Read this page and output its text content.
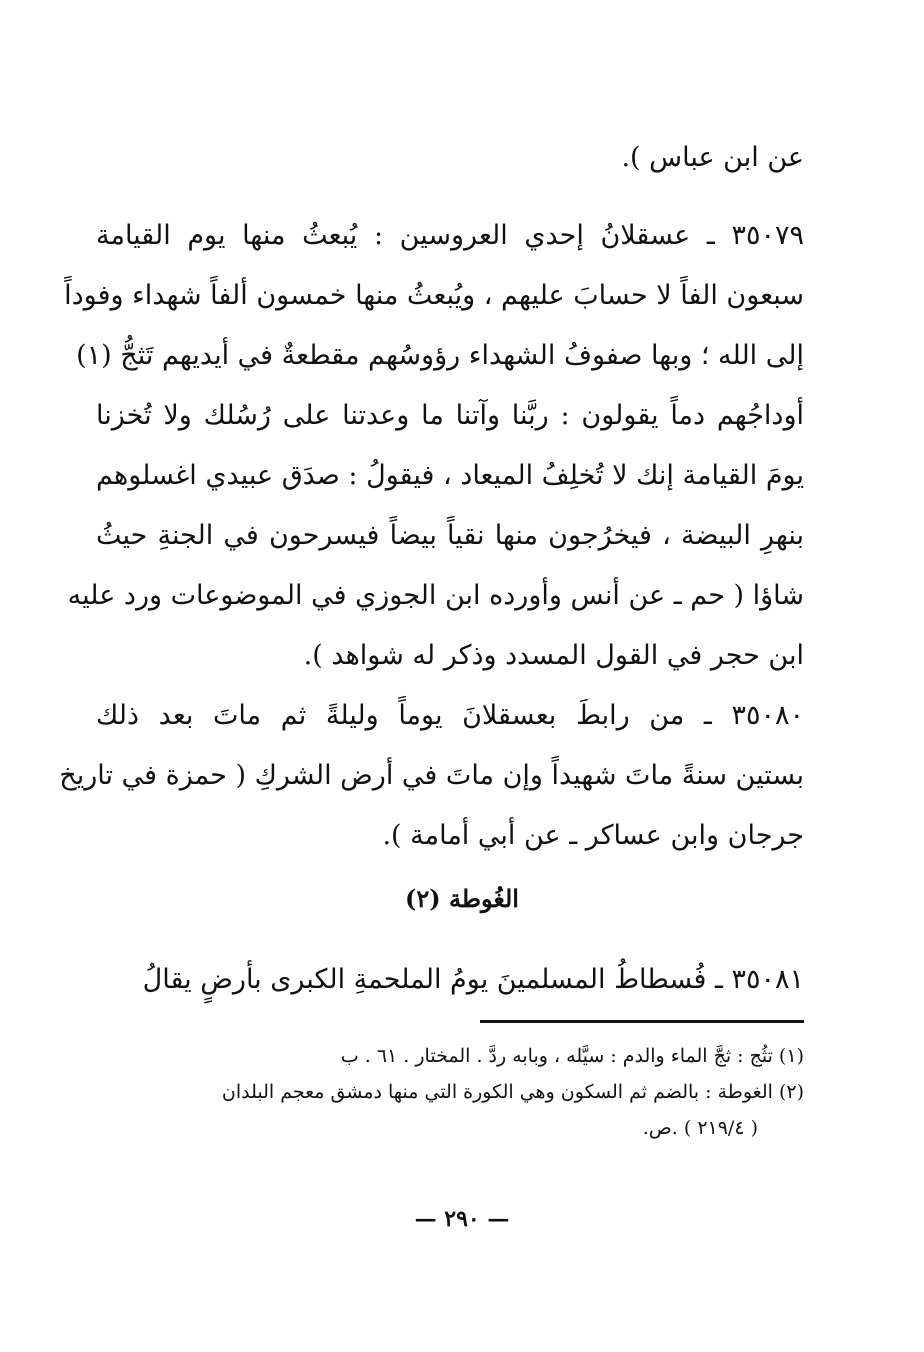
عن ابن عباس ).
٣٥٠٧٩ ـ عسقلانُ إحدي العروسين : يُبعثُ منها يوم القيامة
سبعون الفاً لا حسابَ عليهم ، ويُبعثُ منها خمسون ألفاً شهداء وفوداً
إلى الله ؛ وبها صفوفُ الشهداء رؤوسُهم مقطعةٌ في أيديهم تَثجُّ (١)
أوداجُهم دماً يقولون : ربَّنا وآتنا ما وعدتنا على رُسُلك ولا تُخزنا
يومَ القيامة إنك لا تُخلِفُ الميعاد ، فيقولُ : صدَق عبيدي اغسلوهم
بنهرِ البيضة ، فيخرُجون منها نقياً بيضاً فيسرحون في الجنةِ حيثُ
شاؤا ( حم ـ عن أنس وأورده ابن الجوزي في الموضوعات ورد عليه
ابن حجر في القول المسدد وذكر له شواهد ).
٣٥٠٨٠ ـ من رابطَ بعسقلانَ يوماً وليلةً ثم ماتَ بعد ذلك
بستين سنةً ماتَ شهيداً وإن ماتَ في أرض الشركِ ( حمزة في تاريخ
جرجان وابن عساكر ـ عن أبي أمامة ).
الغُوطة (٢)
٣٥٠٨١ ـ فُسطاطُ المسلمينَ يومُ الملحمةِ الكبرى بأرضٍ يقالُ
(١) تثُج : ثجَّ الماء والدم : سيَّله ، وبابه ردَّ . المختار . ٦١ . ب
(٢) الغوطة : بالضم ثم السكون وهي الكورة التي منها دمشق معجم البلدان
( ٢١٩/٤ ) .ص.
— ٢٩٠ —
